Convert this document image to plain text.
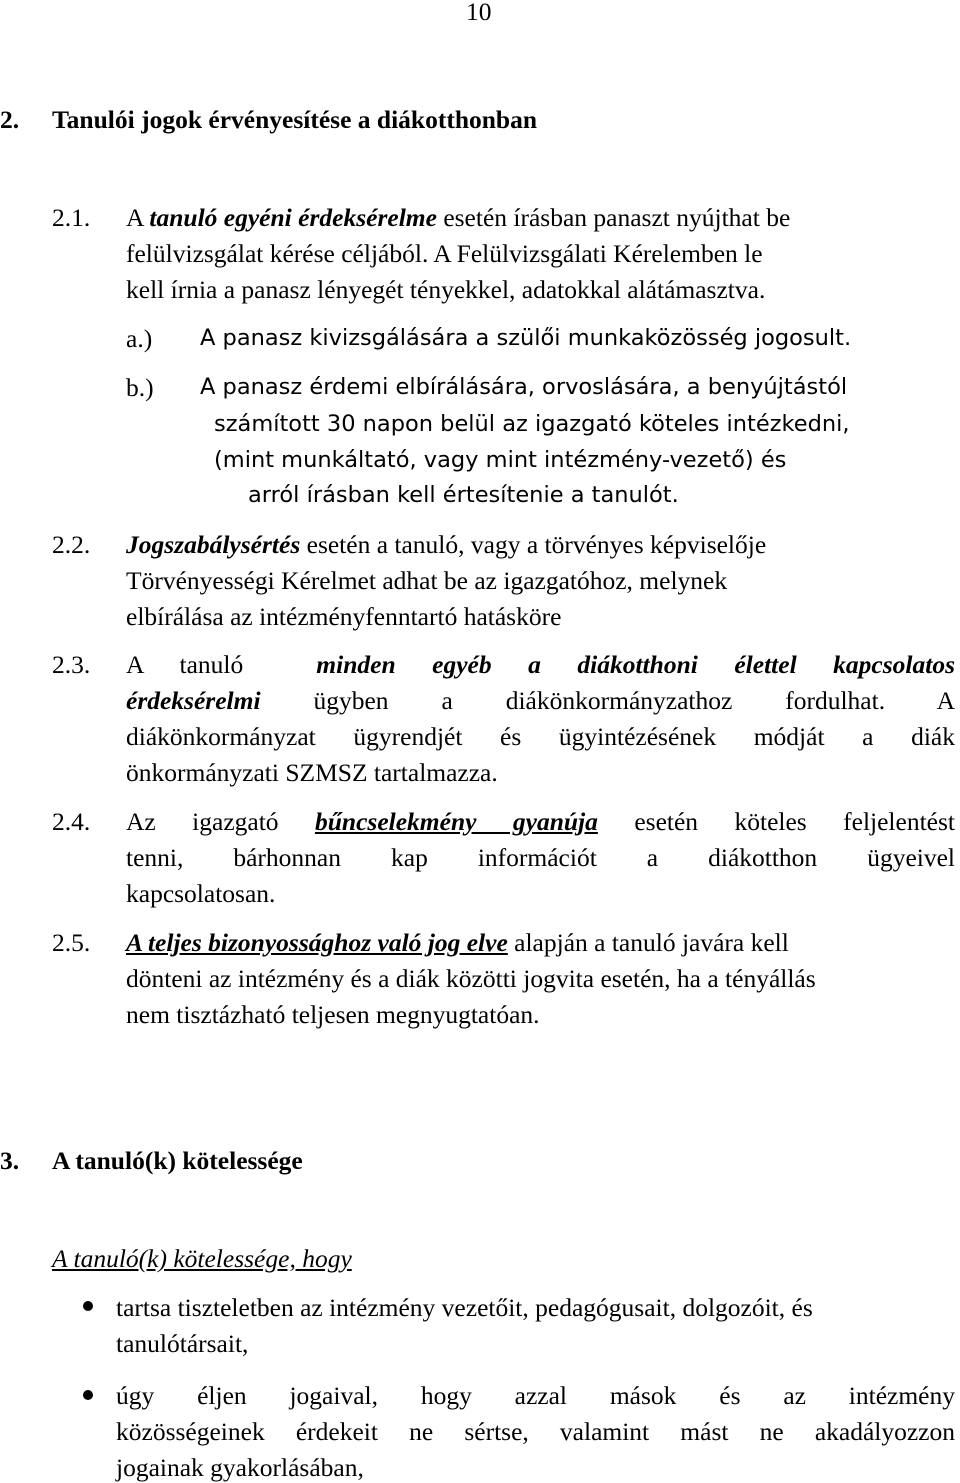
10
2. Tanulói jogok érvényesítése a diákotthonban
2.1. A tanuló egyéni érdeksérelme esetén írásban panaszt nyújthat be
felülvizsgálat kérése céljából. A Felülvizsgálati Kérelemben le
kell írnia a panasz lényegét tényekkel, adatokkal alátámasztva.
a.) A panasz kivizsgálására a szülői munkaközösség jogosult.
b.) A panasz érdemi elbírálására, orvoslására, a benyújtástól
számított 30 napon belül az igazgató köteles intézkedni,
(mint munkáltató, vagy mint intézmény-vezető) és
arról írásban kell értesítenie a tanulót.
2.2. Jogszabálysértés esetén a tanuló, vagy a törvényes képviselője
Törvényességi Kérelmet adhat be az igazgatóhoz, melynek
elbírálása az intézményfenntartó hatásköre
2.3. A tanuló  minden egyéb a diákotthoni élettel kapcsolatos
érdeksérelmi ügyben a diákönkormányzathoz fordulhat. A
diákönkormányzat ügyrendjét és ügyintézésének módját a diák
önkormányzati SZMSZ tartalmazza.
2.4. Az igazgató bűncselekmény gyanúja esetén köteles feljelentést
tenni, bárhonnan kap információt a diákotthon ügyeivel
kapcsolatosan.
2.5. A teljes bizonyossághoz való jog elve alapján a tanuló javára kell
dönteni az intézmény és a diák közötti jogvita esetén, ha a tényállás
nem tisztázható teljesen megnyugtatóan.
3. A tanuló(k) kötelessége
A tanuló(k) kötelessége, hogy
tartsa tiszteletben az intézmény vezetőit, pedagógusait, dolgozóit, és
tanulótársait,
úgy éljen jogaival, hogy azzal mások és az intézmény
közösségeinek érdekeit ne sértse, valamint mást ne akadályozzon
jogainak gyakorlásában,
